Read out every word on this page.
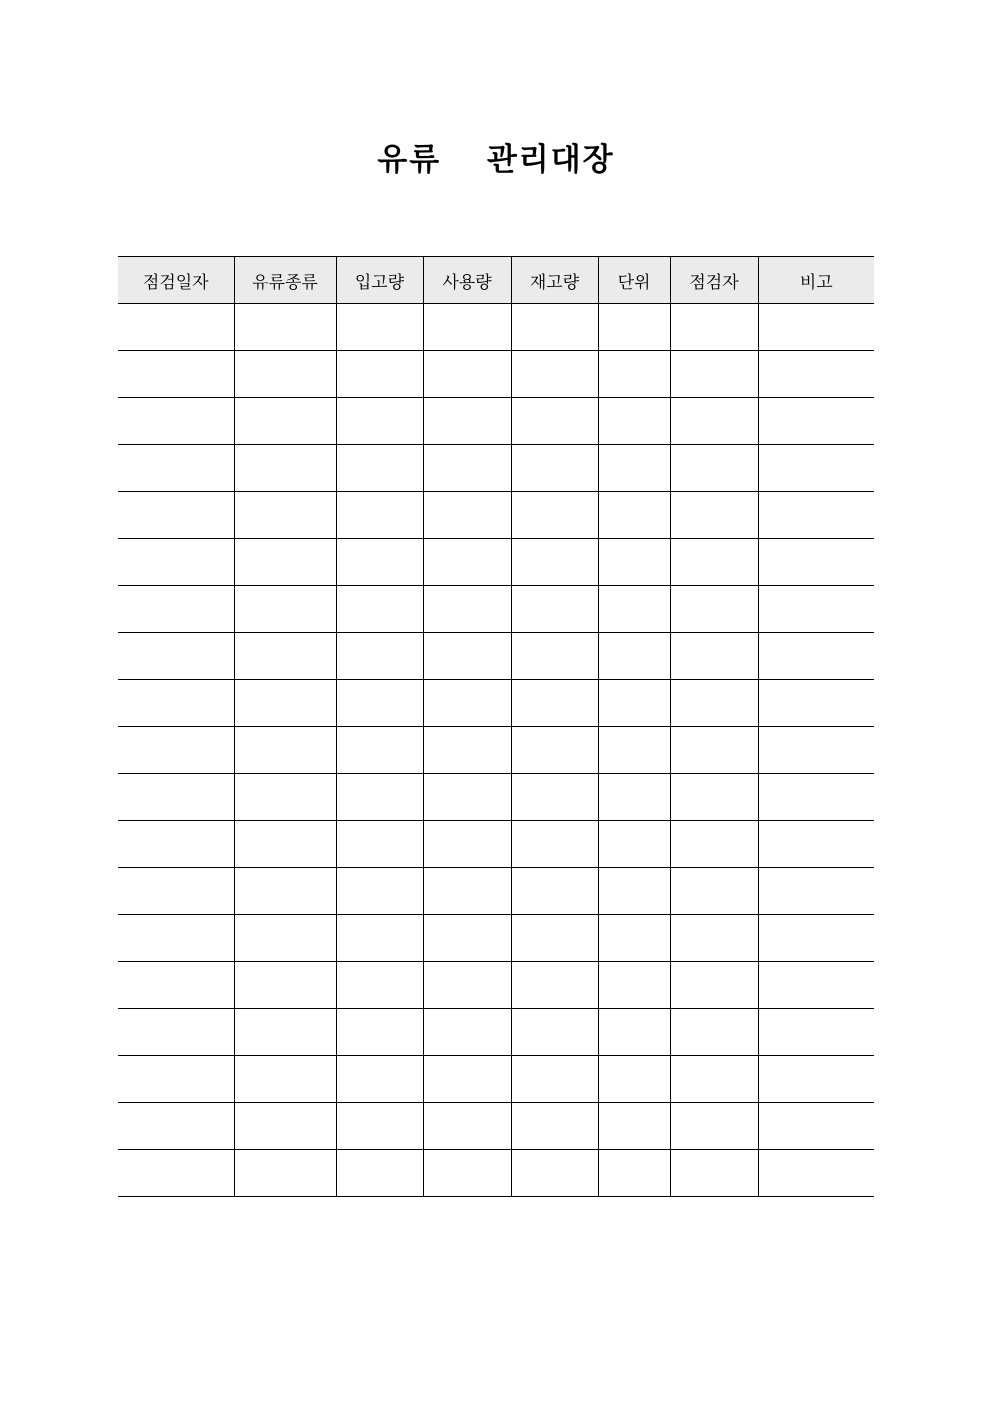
유류  관리대장
점검일자	유류종류	입고량	사용량	재고량	단위	점검자	비고
